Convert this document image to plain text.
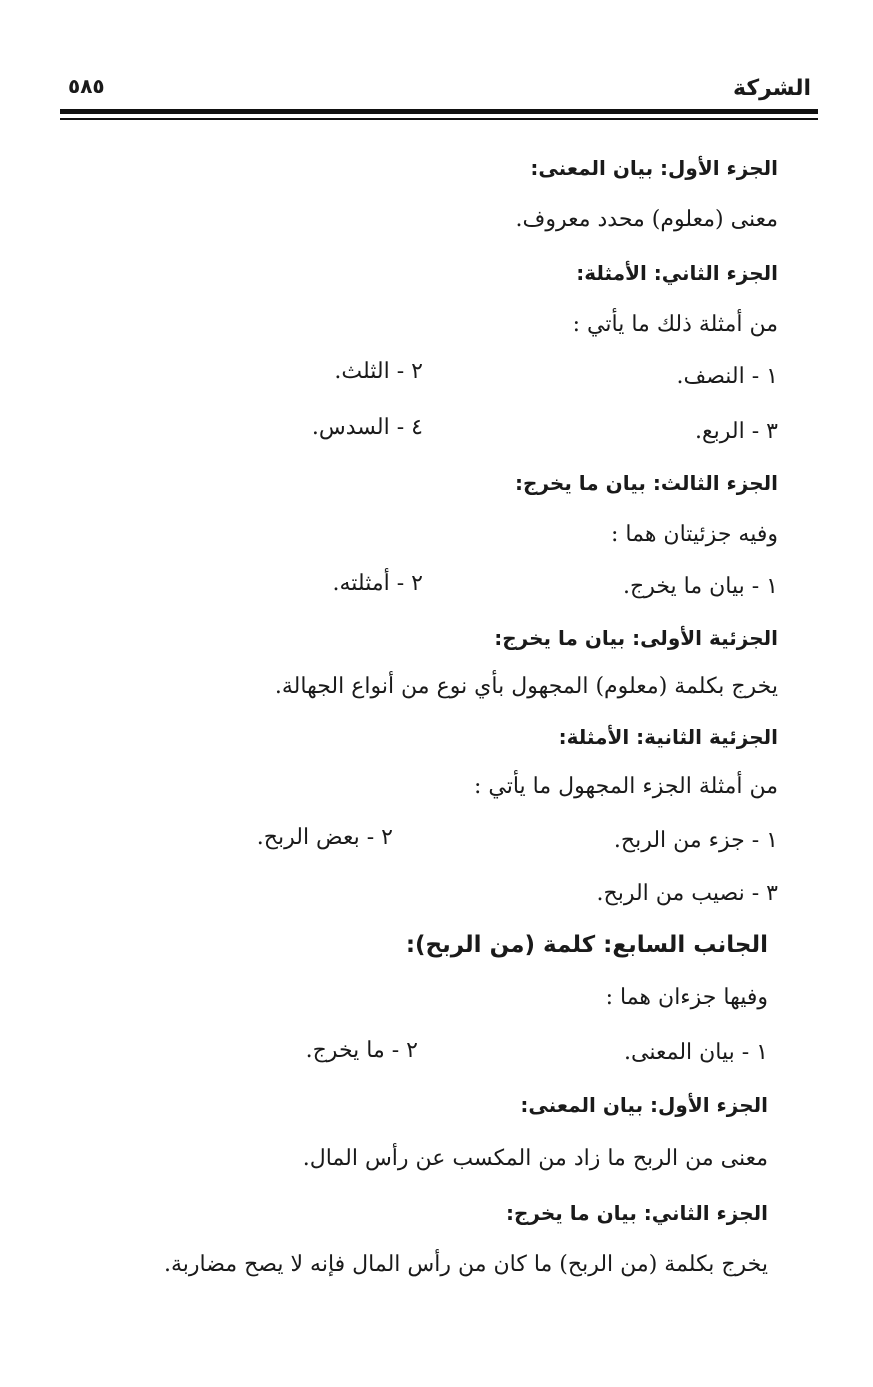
الشركة
٥٨٥
الجزء الأول: بيان المعنى:
معنى (معلوم) محدد معروف.
الجزء الثاني: الأمثلة:
من أمثلة ذلك ما يأتي :
١ - النصف.
٢ - الثلث.
٣ - الربع.
٤ - السدس.
الجزء الثالث: بيان ما يخرج:
وفيه جزئيتان هما :
١ - بيان ما يخرج.
٢ - أمثلته.
الجزئية الأولى: بيان ما يخرج:
يخرج بكلمة (معلوم) المجهول بأي نوع من أنواع الجهالة.
الجزئية الثانية: الأمثلة:
من أمثلة الجزء المجهول ما يأتي :
١ - جزء من الربح.
٢ - بعض الربح.
٣ - نصيب من الربح.
الجانب السابع: كلمة (من الربح):
وفيها جزءان هما :
١ - بيان المعنى.
٢ - ما يخرج.
الجزء الأول: بيان المعنى:
معنى من الربح ما زاد من المكسب عن رأس المال.
الجزء الثاني: بيان ما يخرج:
يخرج بكلمة (من الربح) ما كان من رأس المال فإنه لا يصح مضاربة.
